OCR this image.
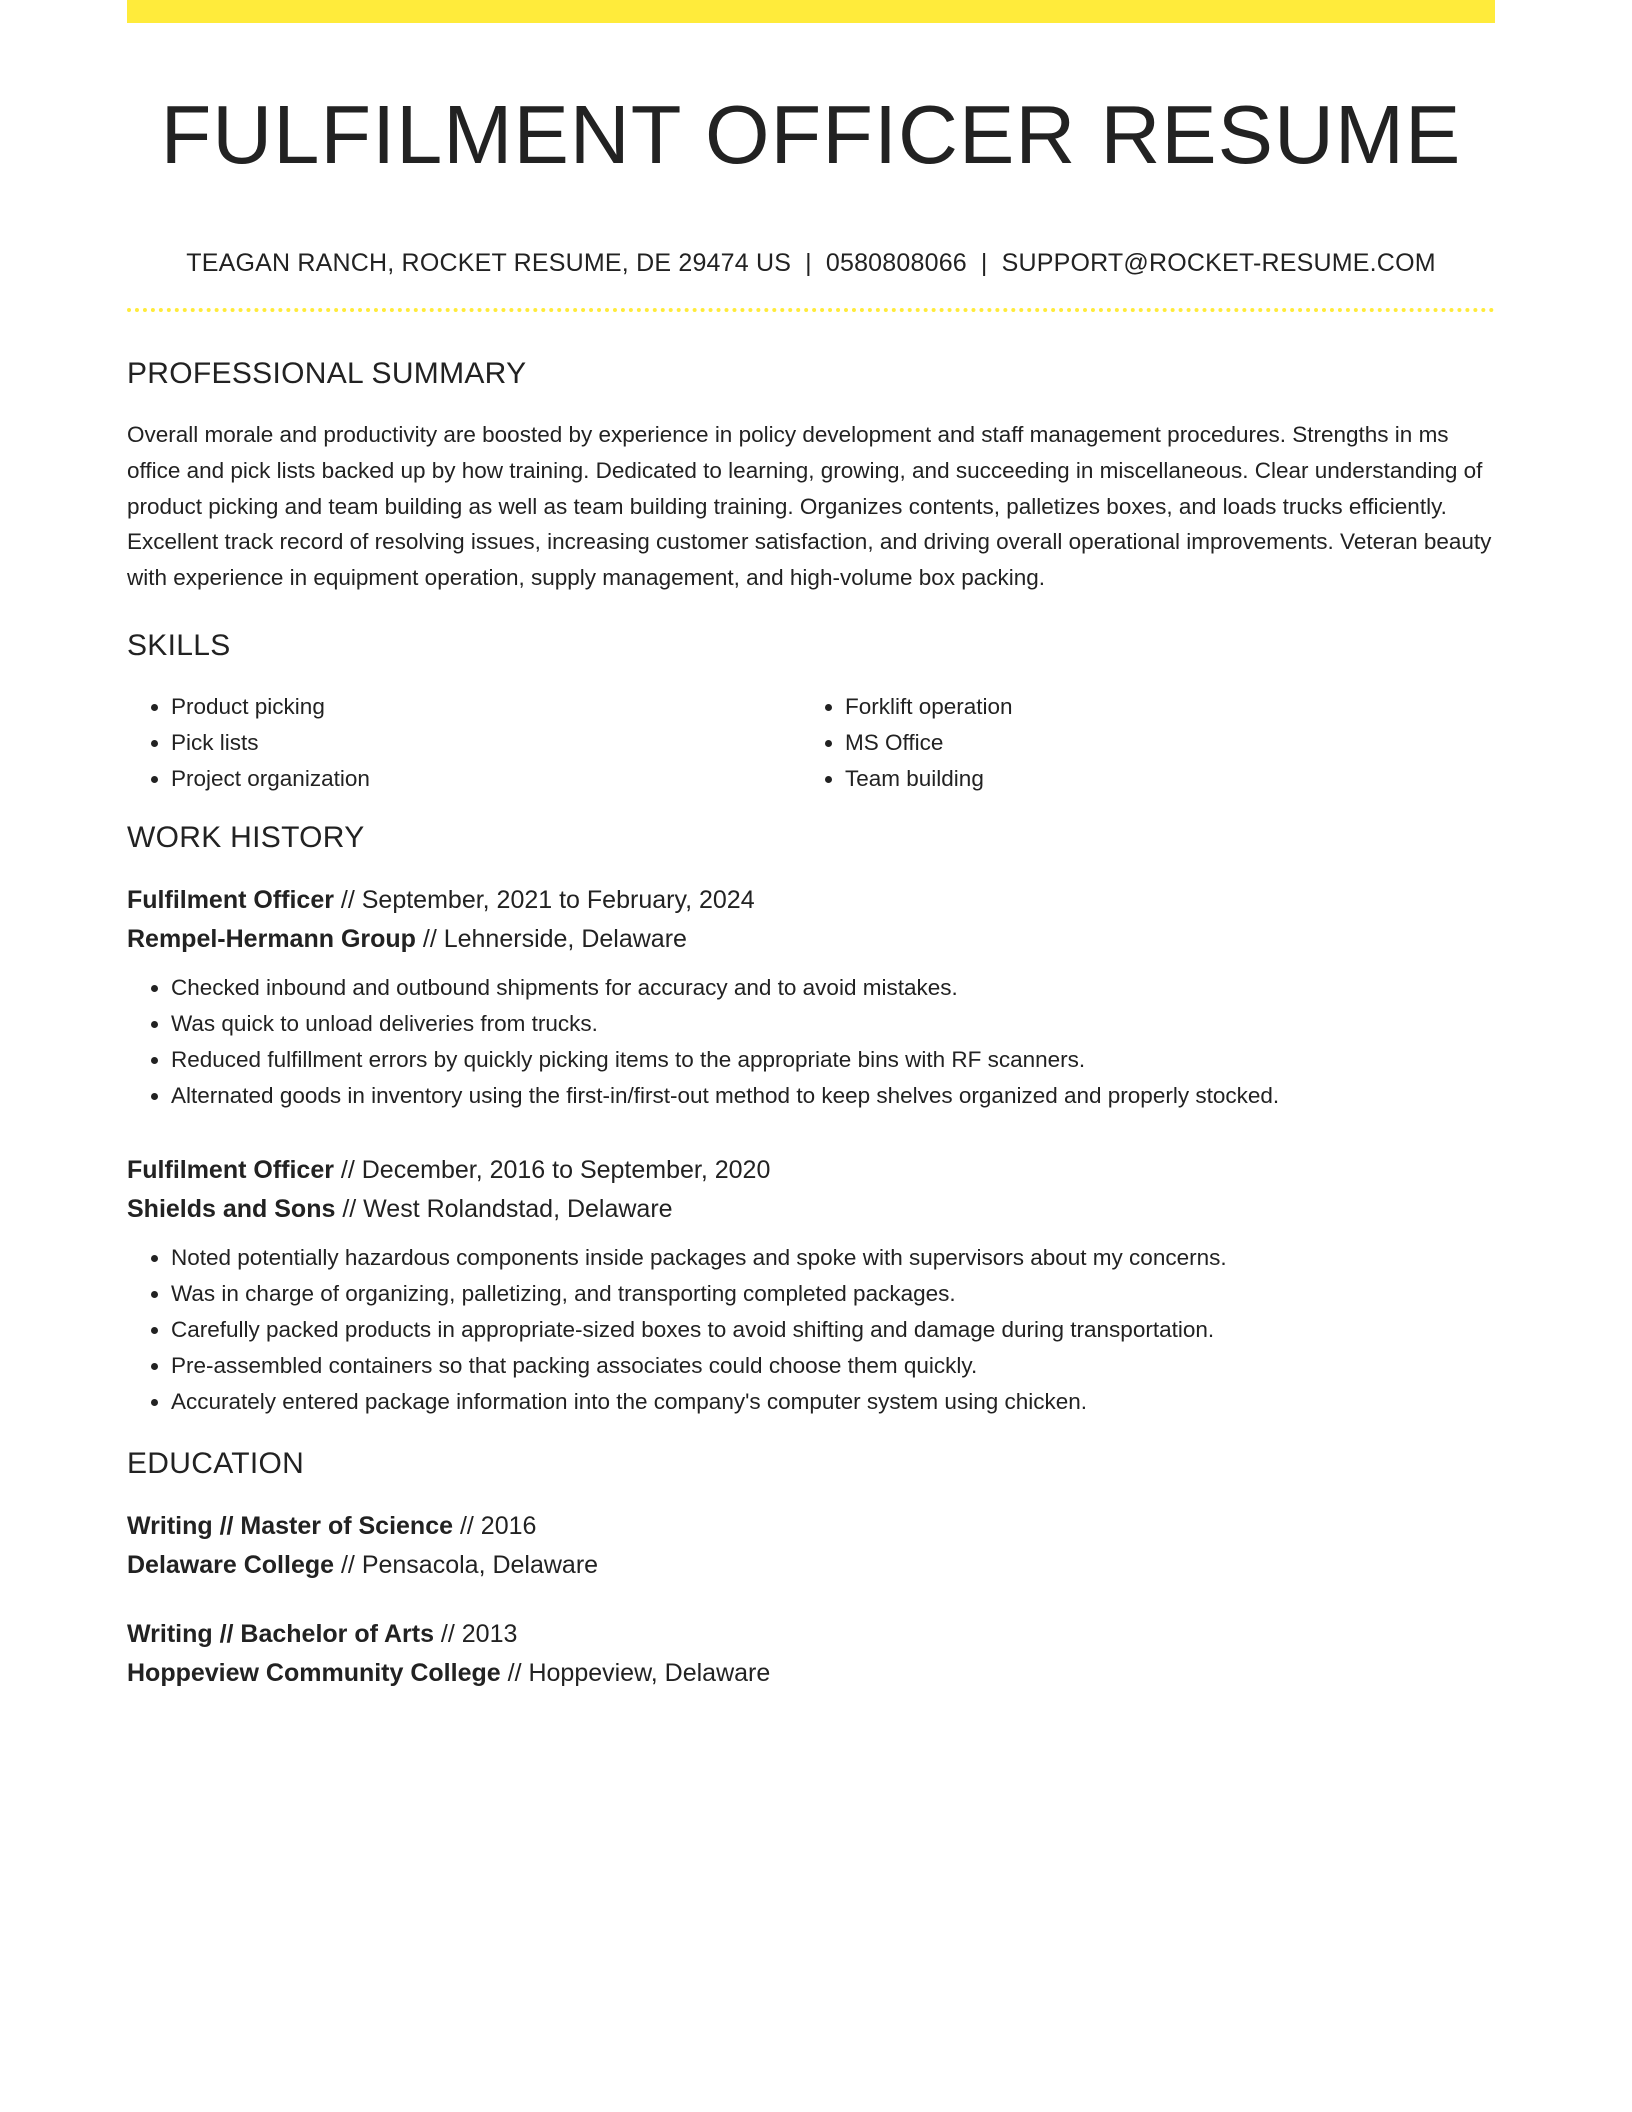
FULFILMENT OFFICER RESUME
TEAGAN RANCH, ROCKET RESUME, DE 29474 US | 0580808066 | SUPPORT@ROCKET-RESUME.COM
PROFESSIONAL SUMMARY

Overall morale and productivity are boosted by experience in policy development and staff management procedures. Strengths in ms office and pick lists backed up by how training. Dedicated to learning, growing, and succeeding in miscellaneous. Clear understanding of product picking and team building as well as team building training. Organizes contents, palletizes boxes, and loads trucks efficiently. Excellent track record of resolving issues, increasing customer satisfaction, and driving overall operational improvements. Veteran beauty with experience in equipment operation, supply management, and high-volume box packing.

SKILLS
• Product picking
• Pick lists
• Project organization
• Forklift operation
• MS Office
• Team building
WORK HISTORY
Fulfilment Officer // September, 2021 to February, 2024
Rempel-Hermann Group // Lehnerside, Delaware
• Checked inbound and outbound shipments for accuracy and to avoid mistakes.
• Was quick to unload deliveries from trucks.
• Reduced fulfillment errors by quickly picking items to the appropriate bins with RF scanners.
• Alternated goods in inventory using the first-in/first-out method to keep shelves organized and properly stocked.
Fulfilment Officer // December, 2016 to September, 2020
Shields and Sons // West Rolandstad, Delaware
• Noted potentially hazardous components inside packages and spoke with supervisors about my concerns.
• Was in charge of organizing, palletizing, and transporting completed packages.
• Carefully packed products in appropriate-sized boxes to avoid shifting and damage during transportation.
• Pre-assembled containers so that packing associates could choose them quickly.
• Accurately entered package information into the company's computer system using chicken.
EDUCATION
Writing // Master of Science // 2016
Delaware College // Pensacola, Delaware
Writing // Bachelor of Arts // 2013
Hoppeview Community College // Hoppeview, Delaware
